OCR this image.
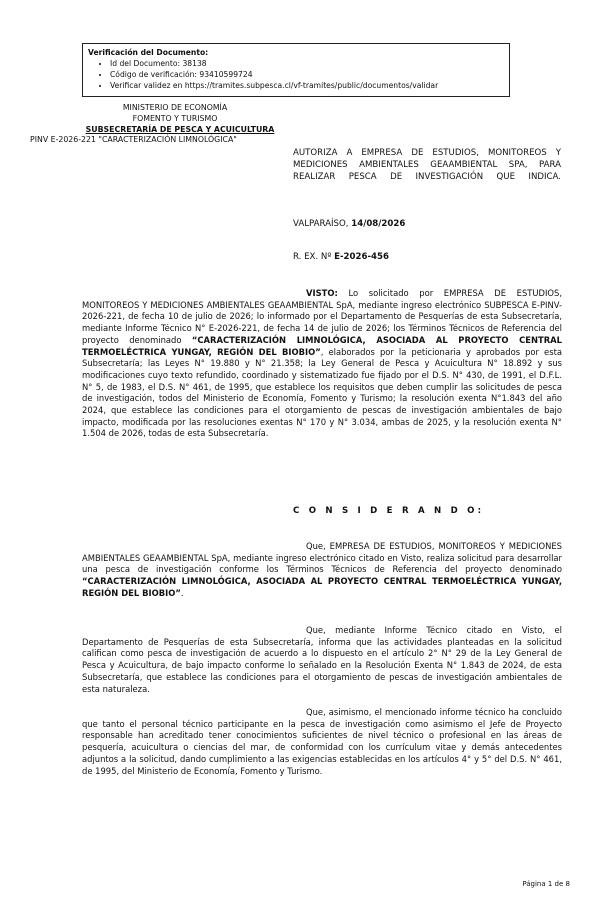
Verificación del Documento:
• Id del Documento: 38138
• Código de verificación: 93410599724
• Verificar validez en https://tramites.subpesca.cl/vf-tramites/public/documentos/validar
MINISTERIO DE ECONOMÍA
FOMENTO Y TURISMO
SUBSECRETARÍA DE PESCA Y ACUICULTURA
PINV E-2026-221 "CARACTERIZACIÓN LIMNOLÓGICA"
AUTORIZA A EMPRESA DE ESTUDIOS, MONITOREOS Y MEDICIONES AMBIENTALES GEAAMBIENTAL SPA, PARA REALIZAR PESCA DE INVESTIGACIÓN QUE INDICA.
VALPARAÍSO, 14/08/2026
R. EX. Nº E-2026-456
VISTO: Lo solicitado por EMPRESA DE ESTUDIOS, MONITOREOS Y MEDICIONES AMBIENTALES GEAAMBIENTAL SpA, mediante ingreso electrónico SUBPESCA E-PINV-2026-221, de fecha 10 de julio de 2026; lo informado por el Departamento de Pesquerías de esta Subsecretaría, mediante Informe Técnico N° E-2026-221, de fecha 14 de julio de 2026; los Términos Técnicos de Referencia del proyecto denominado “CARACTERIZACIÓN LIMNOLÓGICA, ASOCIADA AL PROYECTO CENTRAL TERMOELÉCTRICA YUNGAY, REGIÓN DEL BIOBIO”, elaborados por la peticionaria y aprobados por esta Subsecretaría; las Leyes N° 19.880 y N° 21.358; la Ley General de Pesca y Acuicultura N° 18.892 y sus modificaciones cuyo texto refundido, coordinado y sistematizado fue fijado por el D.S. N° 430, de 1991, el D.F.L. N° 5, de 1983, el D.S. N° 461, de 1995, que establece los requisitos que deben cumplir las solicitudes de pesca de investigación, todos del Ministerio de Economía, Fomento y Turismo; la resolución exenta N°1.843 del año 2024, que establece las condiciones para el otorgamiento de pescas de investigación ambientales de bajo impacto, modificada por las resoluciones exentas N° 170 y N° 3.034, ambas de 2025, y la resolución exenta N° 1.504 de 2026, todas de esta Subsecretaría.
C O N S I D E R A N D O:
Que, EMPRESA DE ESTUDIOS, MONITOREOS Y MEDICIONES AMBIENTALES GEAAMBIENTAL SpA, mediante ingreso electrónico citado en Visto, realiza solicitud para desarrollar una pesca de investigación conforme los Términos Técnicos de Referencia del proyecto denominado “CARACTERIZACIÓN LIMNOLÓGICA, ASOCIADA AL PROYECTO CENTRAL TERMOELÉCTRICA YUNGAY, REGIÓN DEL BIOBIO”.
Que, mediante Informe Técnico citado en Visto, el Departamento de Pesquerías de esta Subsecretaría, informa que las actividades planteadas en la solicitud califican como pesca de investigación de acuerdo a lo dispuesto en el artículo 2° N° 29 de la Ley General de Pesca y Acuicultura, de bajo impacto conforme lo señalado en la Resolución Exenta N° 1.843 de 2024, de esta Subsecretaría, que establece las condiciones para el otorgamiento de pescas de investigación ambientales de esta naturaleza.
Que, asimismo, el mencionado informe técnico ha concluido que tanto el personal técnico participante en la pesca de investigación como asimismo el Jefe de Proyecto responsable han acreditado tener conocimientos suficientes de nivel técnico o profesional en las áreas de pesquería, acuicultura o ciencias del mar, de conformidad con los currículum vitae y demás antecedentes adjuntos a la solicitud, dando cumplimiento a las exigencias establecidas en los artículos 4° y 5° del D.S. N° 461, de 1995, del Ministerio de Economía, Fomento y Turismo.
Página 1 de 8
